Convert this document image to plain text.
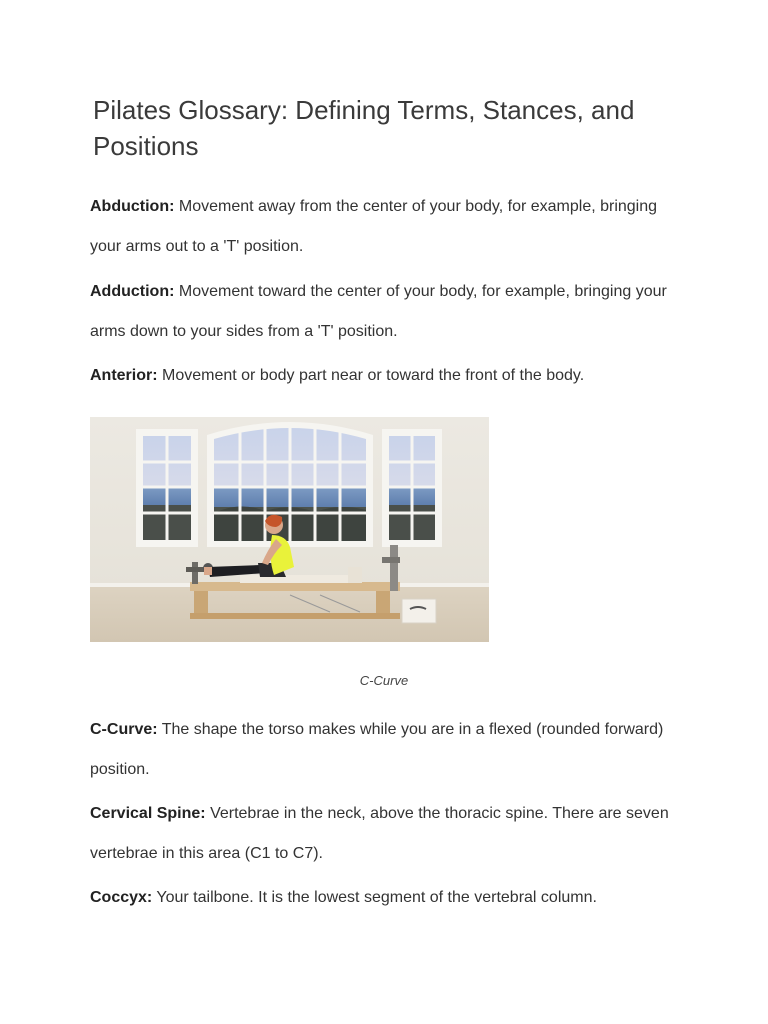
Pilates Glossary: Defining Terms, Stances, and Positions

Abduction: Movement away from the center of your body, for example, bringing your arms out to a 'T' position.

Adduction: Movement toward the center of your body, for example, bringing your arms down to your sides from a 'T' position.

Anterior: Movement or body part near or toward the front of the body.

C-Curve

C-Curve: The shape the torso makes while you are in a flexed (rounded forward) position.

Cervical Spine: Vertebrae in the neck, above the thoracic spine. There are seven vertebrae in this area (C1 to C7).

Coccyx: Your tailbone. It is the lowest segment of the vertebral column.
